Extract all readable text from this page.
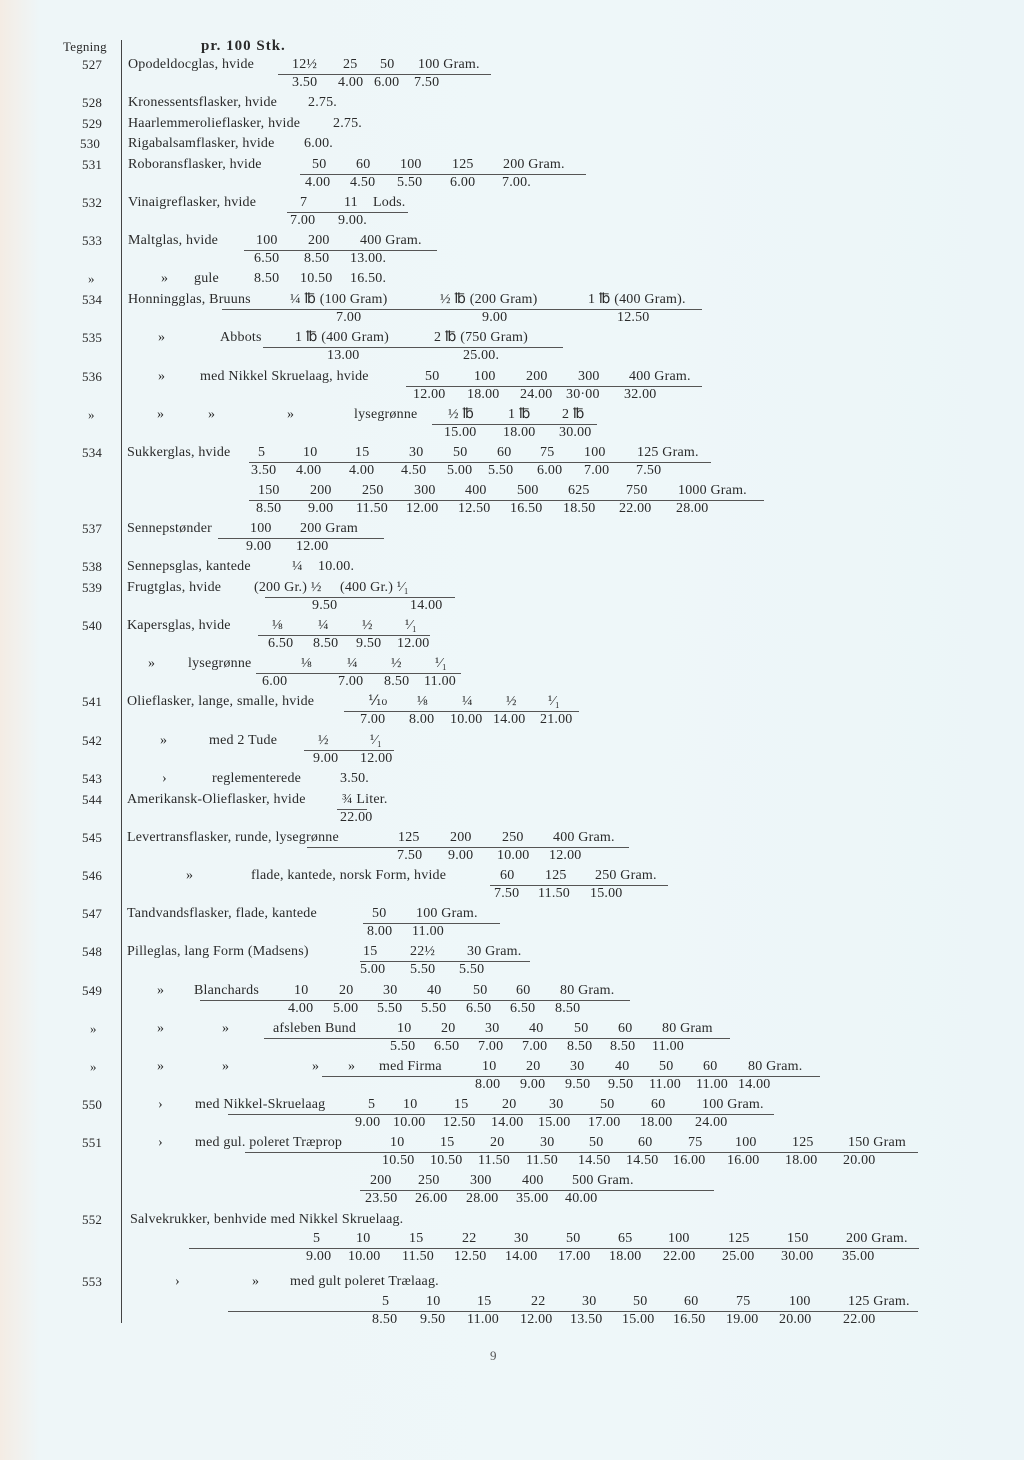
Tegning	pr. 100 Stk.
527 Opodeldocglas, hvide	12½ 25 50 100 Gram.
3.50 4.00 6.00 7.50
528 Kronessentsflasker, hvide 2.75.
529 Haarlemmerolieflasker, hvide 2.75.
530 Rigabalsamflasker, hvide 6.00.
531 Roboransflasker, hvide	50 60 100 125 200 Gram.
4.00 4.50 5.50 6.00 7.00.
532 Vinaigreflasker, hvide	7	11 Lods.
7.00 9.00.
533 Maltglas, hvide	100 200 400 Gram.
6.50 8.50 13.00.
»	» gule	8.50 10.50 16.50.
534 Honningglas, Bruuns	¼ ℔ (100 Gram)	½ ℔ (200 Gram)	1 ℔ (400 Gram).
7.00	9.00	12.50
535	»	Abbots 1 ℔ (400 Gram)	2 ℔ (750 Gram)
13.00	25.00.
536	» med Nikkel Skruelaag, hvide	50 100 200 300 400 Gram.
12.00 18.00 24.00 30·00 32.00
»	»	»	»	lysegrønne ½ ℔ 1 ℔ 2 ℔
15.00 18.00 30.00
534 Sukkerglas, hvide 5	10	15	30 50 60 75 100 125 Gram.
3.50 4.00 4.00 4.50 5.00 5.50 6.00 7.00 7.50
150 200 250 300 400 500 625	750 1000 Gram.
8.50 9.00 11.50 12.00 12.50 16.50 18.50 22.00 28.00
537 Sennepstønder	100 200 Gram
9.00 12.00
538 Sennepsglas, kantede	¼ 10.00.
539 Frugtglas, hvide (200 Gr.) ½ (400 Gr.) ¹⁄₁
9.50	14.00
540 Kapersglas, hvide	⅛	¼ ½ ¹⁄₁
6.50 8.50 9.50 12.00
» lysegrønne	⅛	¼ ½ ¹⁄₁
6.00	7.00 8.50 11.00
541 Olieflasker, lange, smalle, hvide	⅒ ⅛ ¼ ½ ¹⁄₁
7.00 8.00 10.00 14.00 21.00
542	»	med 2 Tude	½	¹⁄₁
9.00 12.00
543	›	reglementerede	3.50.
544 Amerikansk-Olieflasker, hvide	¾ Liter.
22.00
545 Levertransflasker, runde, lysegrønne	125 200 250 400 Gram.
7.50 9.00 10.00 12.00
546	»	flade, kantede, norsk Form, hvide	60 125 250 Gram.
7.50 11.50 15.00
547 Tandvandsflasker, flade, kantede	50 100 Gram.
8.00 11.00
548 Pilleglas, lang Form (Madsens)	15 22½ 30 Gram.
5.00 5.50 5.50
549	» Blanchards	10 20 30 40 50 60 80 Gram.
4.00 5.00 5.50 5.50 6.50 6.50 8.50
»	»	»	afsleben Bund	10 20 30 40 50 60 80 Gram
5.50 6.50 7.00 7.00 8.50 8.50 11.00
»	»	»	» » med Firma	10 20 30 40 50 60 80 Gram.
8.00 9.00 9.50 9.50 11.00 11.00 14.00
550	› med Nikkel-Skruelaag	5 10	15 20 30	50	60	100 Gram.
9.00 10.00 12.50 14.00 15.00 17.00 18.00 24.00
551	› med gul. poleret Træprop	10	15	20	30 50 60	75 100	125 150 Gram
10.50 10.50 11.50 11.50 14.50 14.50 16.00 16.00 18.00 20.00
200 250 300 400 500 Gram.
23.50 26.00 28.00 35.00 40.00
552 Salvekrukker, benhvide med Nikkel Skruelaag.
5	10	15	22	30	50	65	100	125	150	200 Gram.
9.00 10.00 11.50 12.50 14.00 17.00 18.00 22.00 25.00 30.00 35.00
553	›	» med gult poleret Trælaag.
5	10	15	22	30	50	60	75	100	125 Gram.
8.50 9.50 11.00 12.00 13.50 15.00 16.50 19.00 20.00 22.00
9
